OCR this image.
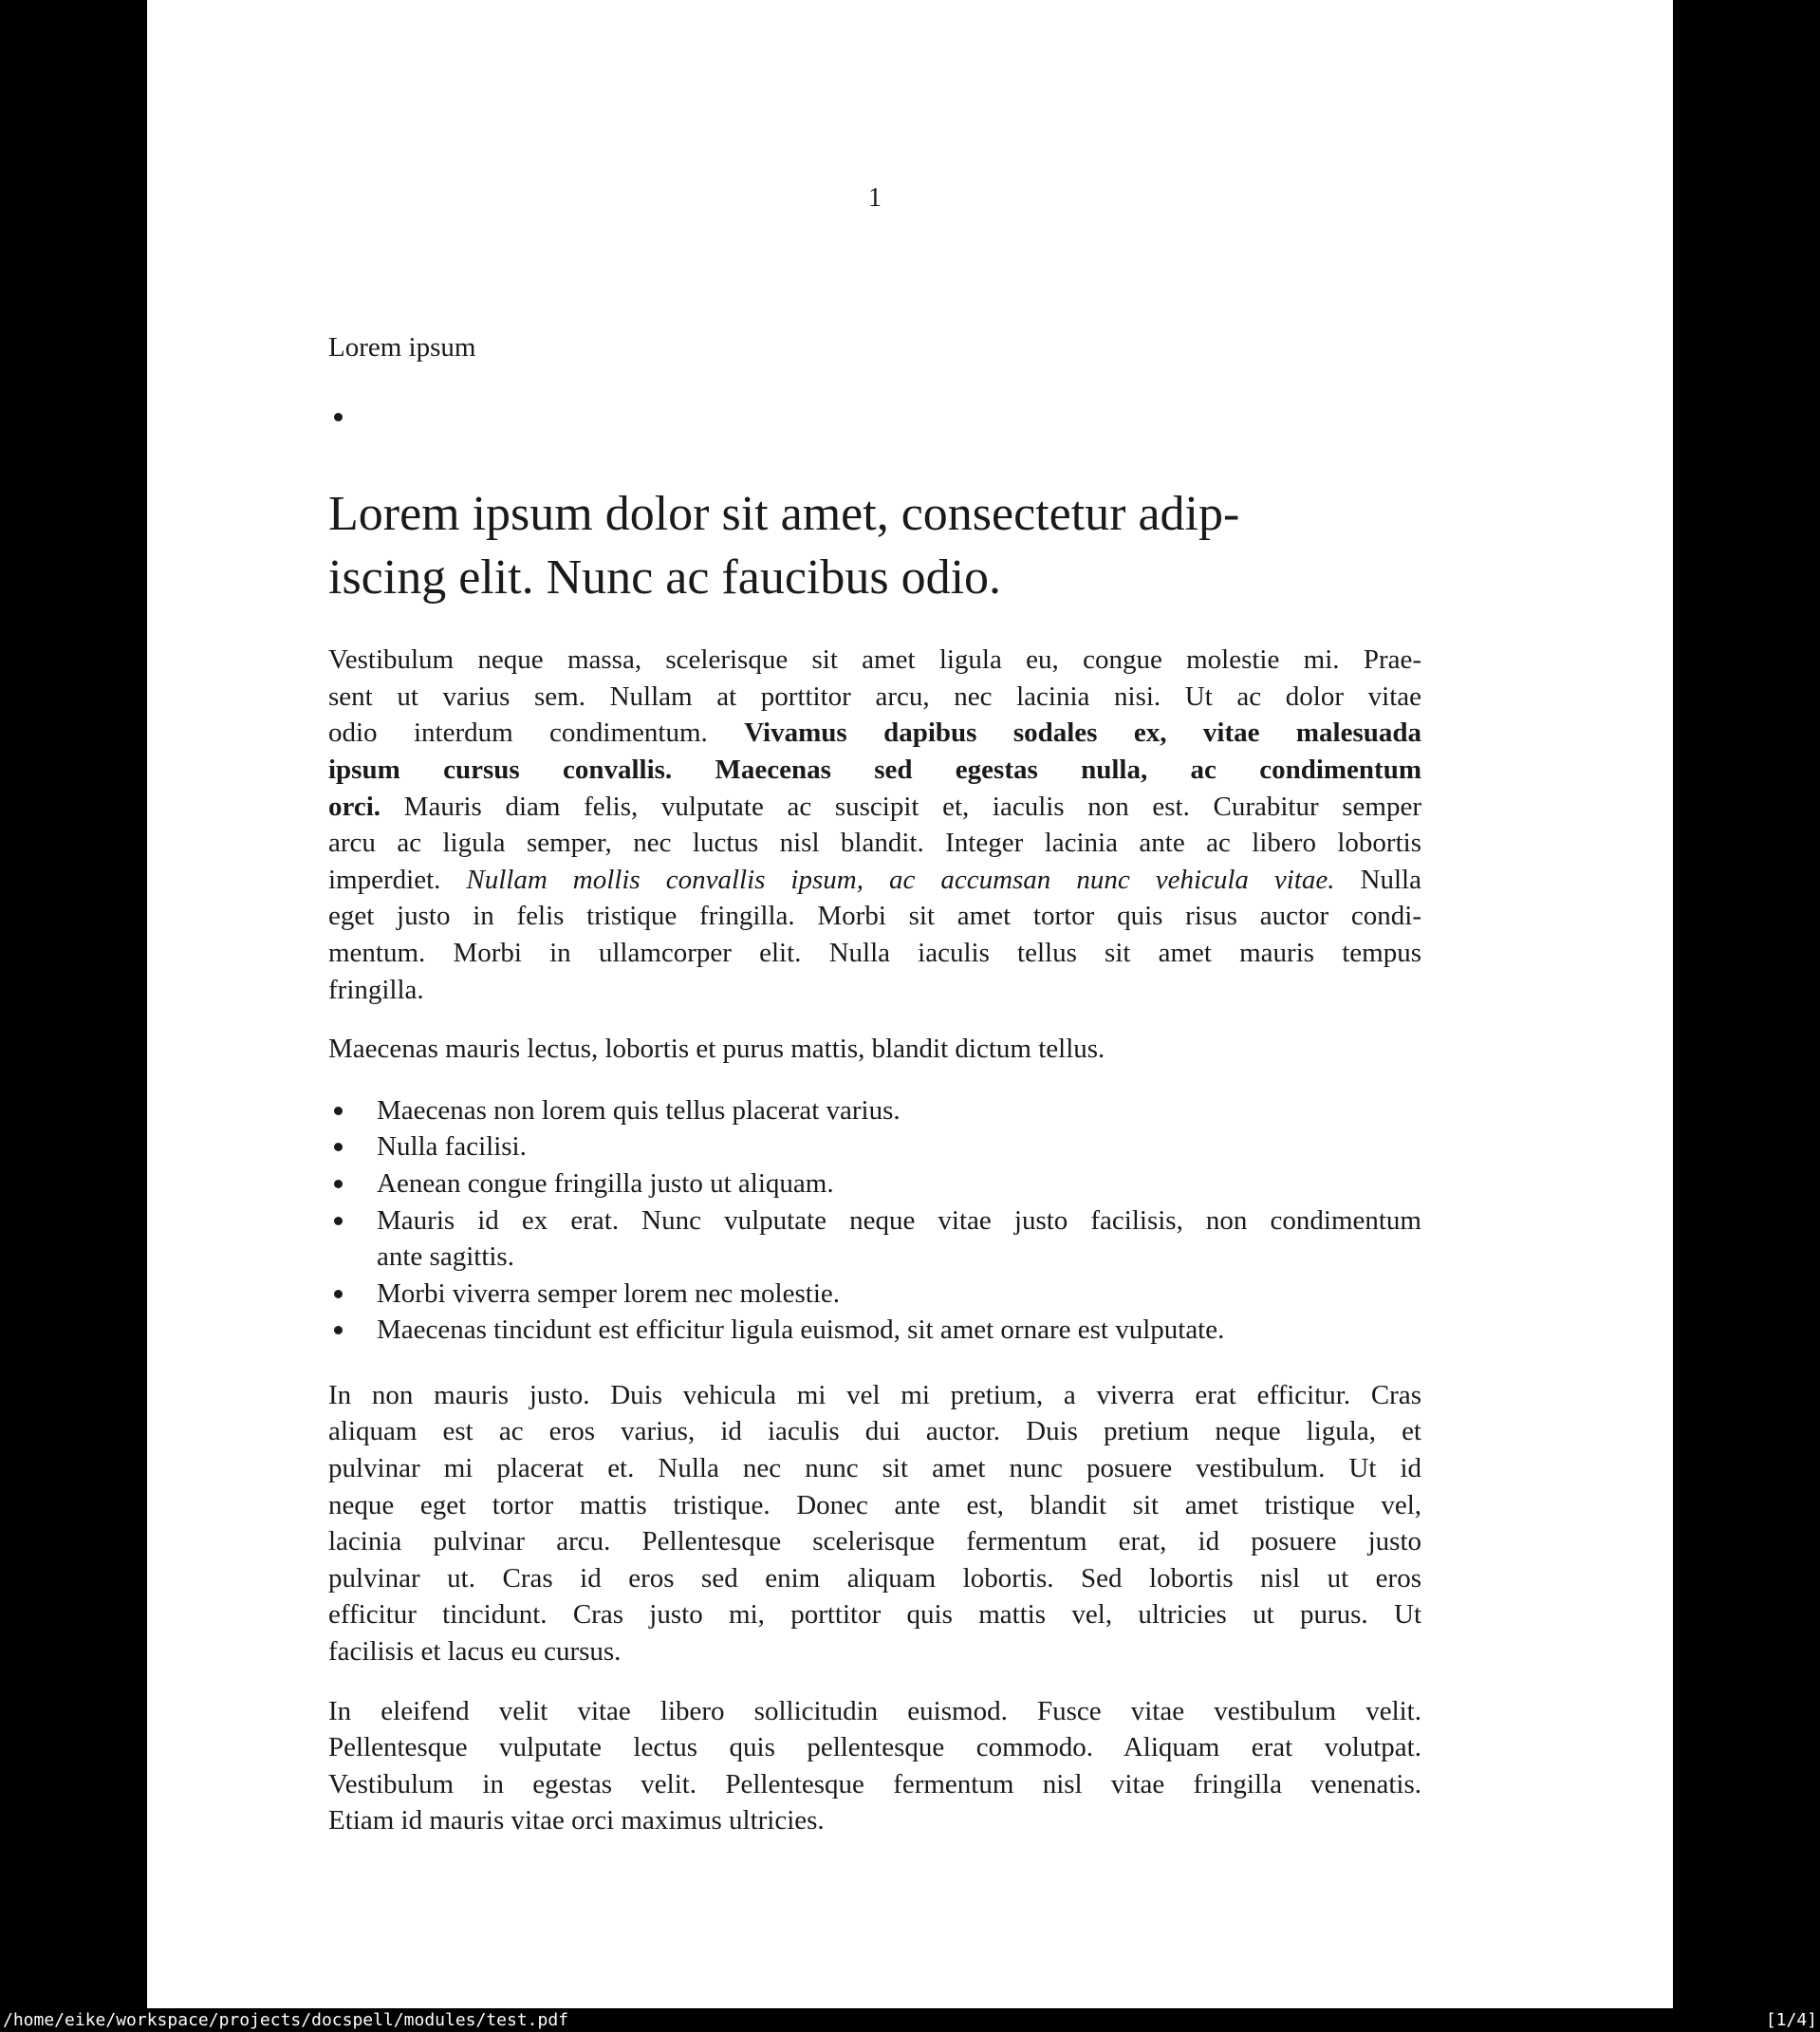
1
Lorem ipsum

Lorem ipsum dolor sit amet, consectetur adip-
iscing elit. Nunc ac faucibus odio.
Vestibulum neque massa, scelerisque sit amet ligula eu, congue molestie mi. Prae-
sent ut varius sem. Nullam at porttitor arcu, nec lacinia nisi. Ut ac dolor vitae
odio interdum condimentum. Vivamus dapibus sodales ex, vitae malesuada
ipsum cursus convallis. Maecenas sed egestas nulla, ac condimentum
orci. Mauris diam felis, vulputate ac suscipit et, iaculis non est. Curabitur semper
arcu ac ligula semper, nec luctus nisl blandit. Integer lacinia ante ac libero lobortis
imperdiet. Nullam mollis convallis ipsum, ac accumsan nunc vehicula vitae. Nulla
eget justo in felis tristique fringilla. Morbi sit amet tortor quis risus auctor condi-
mentum. Morbi in ullamcorper elit. Nulla iaculis tellus sit amet mauris tempus
fringilla.
Maecenas mauris lectus, lobortis et purus mattis, blandit dictum tellus.
Maecenas non lorem quis tellus placerat varius.
Nulla facilisi.
Aenean congue fringilla justo ut aliquam.
Mauris id ex erat. Nunc vulputate neque vitae justo facilisis, non condimentum
ante sagittis.
Morbi viverra semper lorem nec molestie.
Maecenas tincidunt est efficitur ligula euismod, sit amet ornare est vulputate.
In non mauris justo. Duis vehicula mi vel mi pretium, a viverra erat efficitur. Cras
aliquam est ac eros varius, id iaculis dui auctor. Duis pretium neque ligula, et
pulvinar mi placerat et. Nulla nec nunc sit amet nunc posuere vestibulum. Ut id
neque eget tortor mattis tristique. Donec ante est, blandit sit amet tristique vel,
lacinia pulvinar arcu. Pellentesque scelerisque fermentum erat, id posuere justo
pulvinar ut. Cras id eros sed enim aliquam lobortis. Sed lobortis nisl ut eros
efficitur tincidunt. Cras justo mi, porttitor quis mattis vel, ultricies ut purus. Ut
facilisis et lacus eu cursus.
In eleifend velit vitae libero sollicitudin euismod. Fusce vitae vestibulum velit.
Pellentesque vulputate lectus quis pellentesque commodo. Aliquam erat volutpat.
Vestibulum in egestas velit. Pellentesque fermentum nisl vitae fringilla venenatis.
Etiam id mauris vitae orci maximus ultricies.
/home/eike/workspace/projects/docspell/modules/test.pdf	[1/4]
